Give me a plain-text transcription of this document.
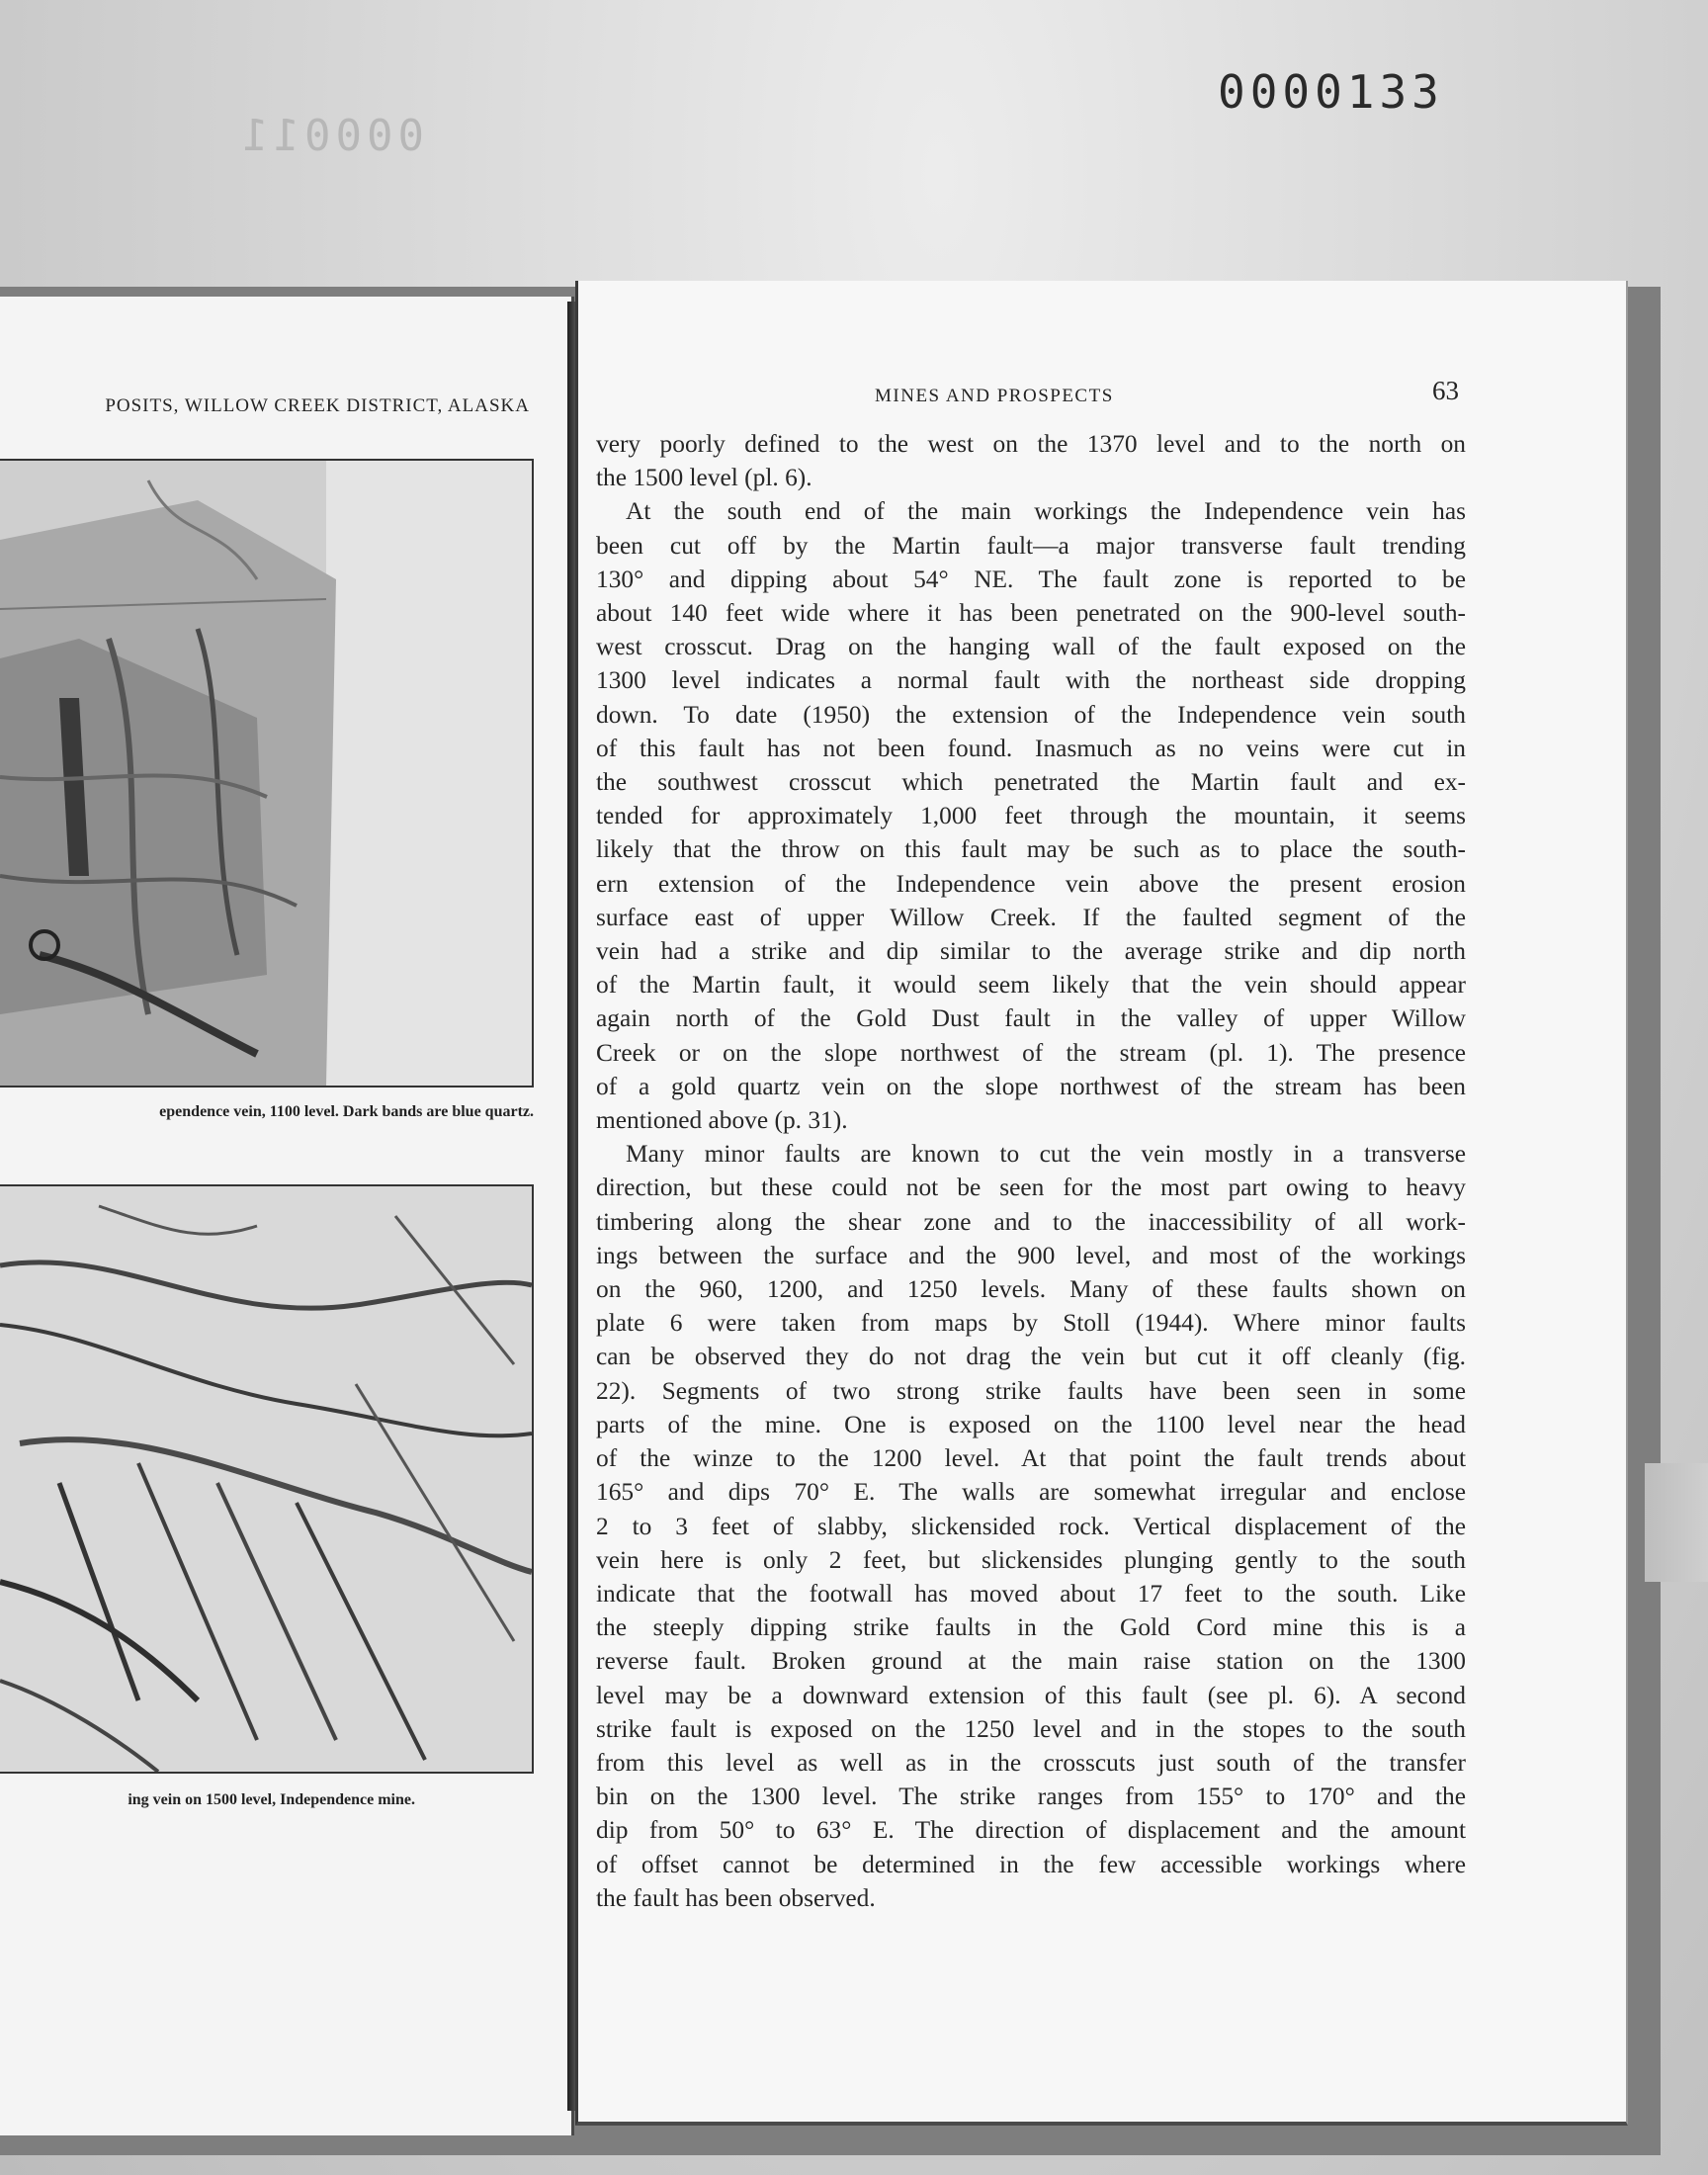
0000133
000011
POSITS, WILLOW CREEK DISTRICT, ALASKA
ependence vein, 1100 level. Dark bands are blue quartz.
ing vein on 1500 level, Independence mine.
MINES AND PROSPECTS	63
very poorly defined to the west on the 1370 level and to the north on
the 1500 level (pl. 6).
At the south end of the main workings the Independence vein has
been cut off by the Martin fault—a major transverse fault trending
130° and dipping about 54° NE. The fault zone is reported to be
about 140 feet wide where it has been penetrated on the 900-level south-
west crosscut. Drag on the hanging wall of the fault exposed on the
1300 level indicates a normal fault with the northeast side dropping
down. To date (1950) the extension of the Independence vein south
of this fault has not been found. Inasmuch as no veins were cut in
the southwest crosscut which penetrated the Martin fault and ex-
tended for approximately 1,000 feet through the mountain, it seems
likely that the throw on this fault may be such as to place the south-
ern extension of the Independence vein above the present erosion
surface east of upper Willow Creek. If the faulted segment of the
vein had a strike and dip similar to the average strike and dip north
of the Martin fault, it would seem likely that the vein should appear
again north of the Gold Dust fault in the valley of upper Willow
Creek or on the slope northwest of the stream (pl. 1). The presence
of a gold quartz vein on the slope northwest of the stream has been
mentioned above (p. 31).
Many minor faults are known to cut the vein mostly in a transverse
direction, but these could not be seen for the most part owing to heavy
timbering along the shear zone and to the inaccessibility of all work-
ings between the surface and the 900 level, and most of the workings
on the 960, 1200, and 1250 levels. Many of these faults shown on
plate 6 were taken from maps by Stoll (1944). Where minor faults
can be observed they do not drag the vein but cut it off cleanly (fig.
22). Segments of two strong strike faults have been seen in some
parts of the mine. One is exposed on the 1100 level near the head
of the winze to the 1200 level. At that point the fault trends about
165° and dips 70° E. The walls are somewhat irregular and enclose
2 to 3 feet of slabby, slickensided rock. Vertical displacement of the
vein here is only 2 feet, but slickensides plunging gently to the south
indicate that the footwall has moved about 17 feet to the south. Like
the steeply dipping strike faults in the Gold Cord mine this is a
reverse fault. Broken ground at the main raise station on the 1300
level may be a downward extension of this fault (see pl. 6). A second
strike fault is exposed on the 1250 level and in the stopes to the south
from this level as well as in the crosscuts just south of the transfer
bin on the 1300 level. The strike ranges from 155° to 170° and the
dip from 50° to 63° E. The direction of displacement and the amount
of offset cannot be determined in the few accessible workings where
the fault has been observed.
